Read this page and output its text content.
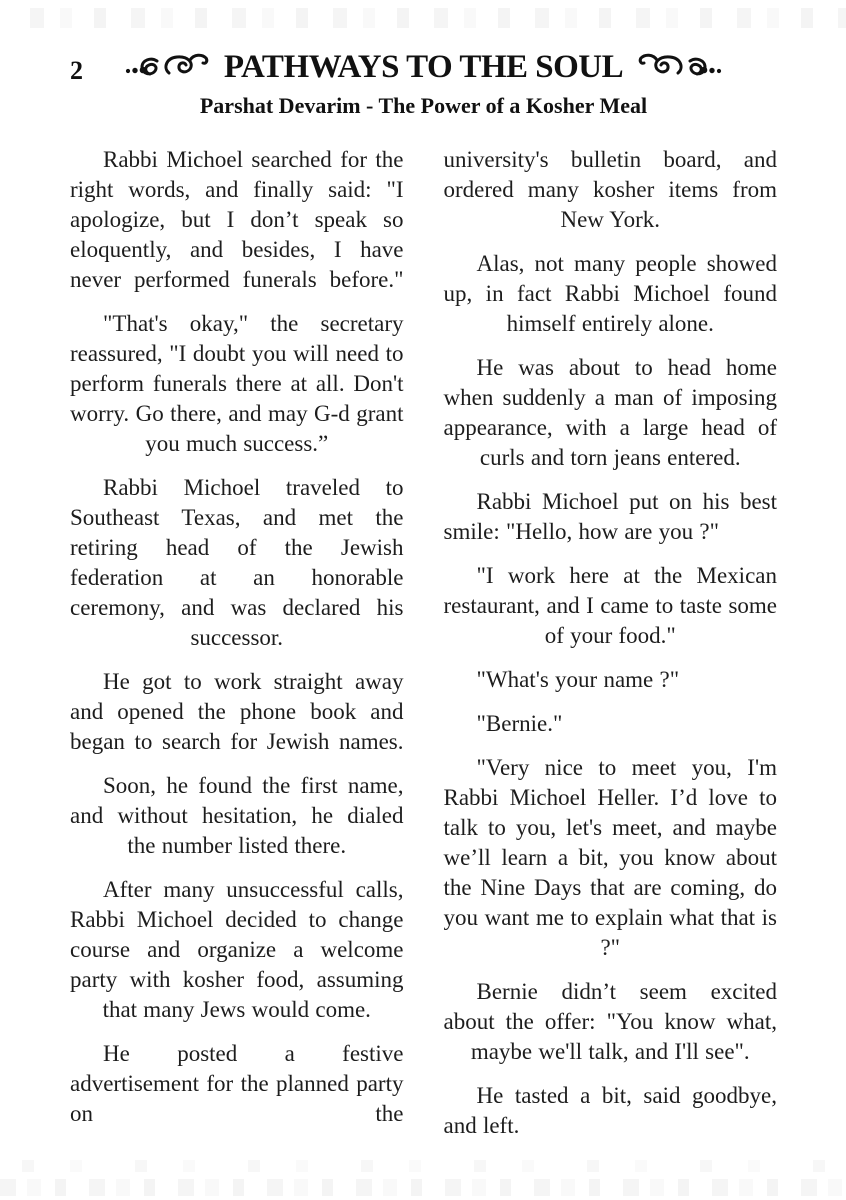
2	PATHWAYS TO THE SOUL
Parshat Devarim - The Power of a Kosher Meal

Rabbi Michoel searched for the right words, and finally said: "I apologize, but I don’t speak so eloquently, and besides, I have never performed funerals before."

"That's okay," the secretary reassured, "I doubt you will need to perform funerals there at all. Don't worry. Go there, and may G-d grant you much success.”

Rabbi Michoel traveled to Southeast Texas, and met the retiring head of the Jewish federation at an honorable ceremony, and was declared his successor.

He got to work straight away and opened the phone book and began to search for Jewish names.

Soon, he found the first name, and without hesitation, he dialed the number listed there.

After many unsuccessful calls, Rabbi Michoel decided to change course and organize a welcome party with kosher food, assuming that many Jews would come.

He posted a festive advertisement for the planned party on the

university's bulletin board, and ordered many kosher items from New York.

Alas, not many people showed up, in fact Rabbi Michoel found himself entirely alone.

He was about to head home when suddenly a man of imposing appearance, with a large head of curls and torn jeans entered.

Rabbi Michoel put on his best smile: "Hello, how are you ?"

"I work here at the Mexican restaurant, and I came to taste some of your food."

"What's your name ?"

"Bernie."

"Very nice to meet you, I'm Rabbi Michoel Heller. I’d love to talk to you, let's meet, and maybe we’ll learn a bit, you know about the Nine Days that are coming, do you want me to explain what that is ?"

Bernie didn’t seem excited about the offer: "You know what, maybe we'll talk, and I'll see".

He tasted a bit, said goodbye, and left.
